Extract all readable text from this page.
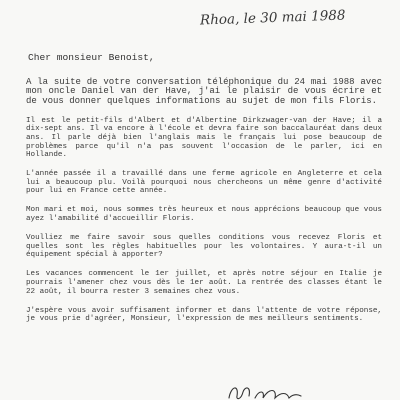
Rhoa, le 30 mai 1988
Cher monsieur Benoist,

A la suite de votre conversation téléphonique du 24 mai 1988 avec mon oncle Daniel van der Have, j'ai le plaisir de vous écrire et de vous donner quelques informations au sujet de mon fils Floris.

Il est le petit-fils d'Albert et d'Albertine Dirkzwager-van der Have; il a dix-sept ans. Il va encore à l'école et devra faire son baccalauréat dans deux ans. Il parle déjà bien l'anglais mais le français lui pose beaucoup de problèmes parce qu'il n'a pas souvent l'occasion de le parler, ici en Hollande.

L'année passée il a travaillé dans une ferme agricole en Angleterre et cela lui a beaucoup plu. Voilà pourquoi nous chercheons un même genre d'activité pour lui en France cette année.

Mon mari et moi, nous sommes très heureux et nous apprécions beaucoup que vous ayez l'amabilité d'accueillir Floris.

Voulliez me faire savoir sous quelles conditions vous recevez Floris et quelles sont les règles habituelles pour les volontaires. Y aura-t-il un équipement spécial à apporter?

Les vacances commencent le 1er juillet, et après notre séjour en Italie je pourrais l'amener chez vous dès le 1er août. La rentrée des classes étant le 22 août, il bourra rester 3 semaines chez vous.

J'espère vous avoir suffisament informer et dans l'attente de votre réponse, je vous prie d'agréer, Monsieur, l'expression de mes meilleurs sentiments.
